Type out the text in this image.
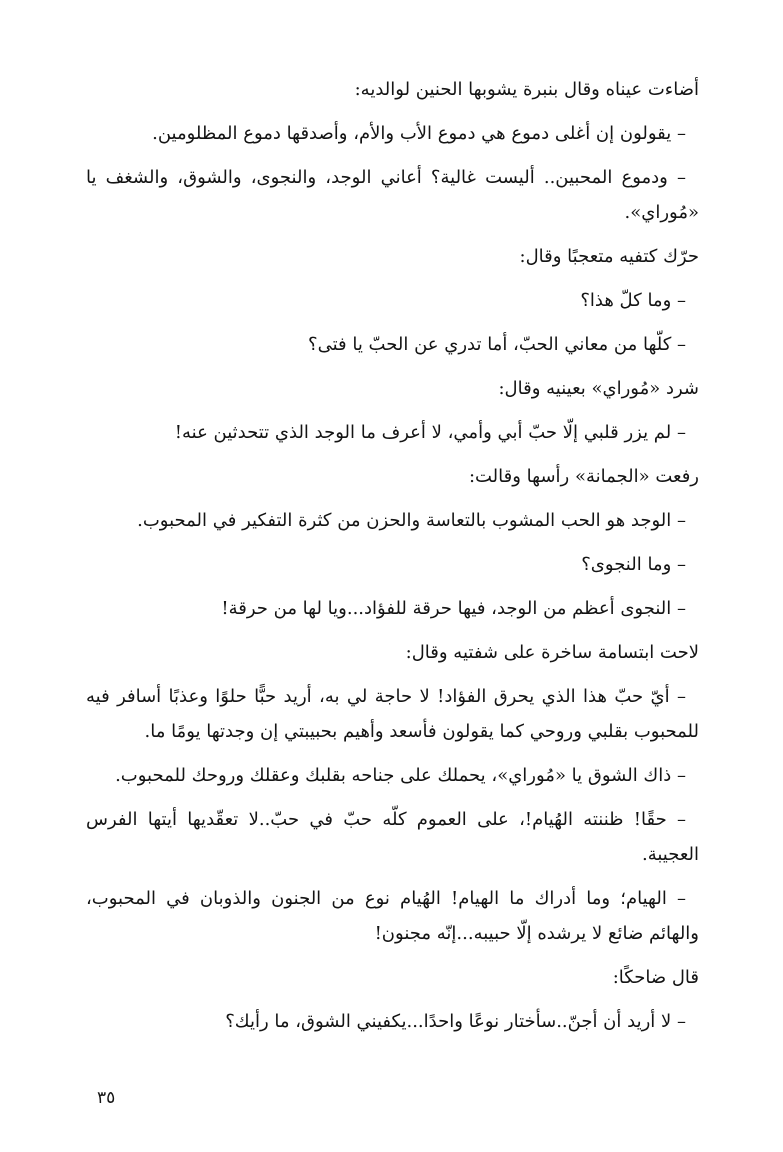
أضاءت عيناه وقال بنبرة يشوبها الحنين لوالديه:
– يقولون إن أغلى دموع هي دموع الأب والأم، وأصدقها دموع المظلومين.
– ودموع المحبين.. أليست غالية؟ أعاني الوجد، والنجوى، والشوق، والشغف يا «مُوراي».
حرّك كتفيه متعجبًا وقال:
– وما كلّ هذا؟
– كلّها من معاني الحبّ، أما تدري عن الحبّ يا فتى؟
شرد «مُوراي» بعينيه وقال:
– لم يزر قلبي إلّا حبّ أبي وأمي، لا أعرف ما الوجد الذي تتحدثين عنه!
رفعت «الجمانة» رأسها وقالت:
– الوجد هو الحب المشوب بالتعاسة والحزن من كثرة التفكير في المحبوب.
– وما النجوى؟
– النجوى أعظم من الوجد، فيها حرقة للفؤاد...ويا لها من حرقة!
لاحت ابتسامة ساخرة على شفتيه وقال:
– أيّ حبّ هذا الذي يحرق الفؤاد! لا حاجة لي به، أريد حبًّا حلوًا وعذبًا أسافر فيه للمحبوب بقلبي وروحي كما يقولون فأسعد وأهيم بحبيبتي إن وجدتها يومًا ما.
– ذاك الشوق يا «مُوراي»، يحملك على جناحه بقلبك وعقلك وروحك للمحبوب.
– حقًا! ظننته الهُيام!، على العموم كلّه حبّ في حبّ..لا تعقّديها أيتها الفرس العجيبة.
– الهيام؛ وما أدراك ما الهيام! الهُيام نوع من الجنون والذوبان في المحبوب، والهائم ضائع لا يرشده إلّا حبيبه...إنّه مجنون!
قال ضاحكًا:
– لا أريد أن أجنّ..سأختار نوعًا واحدًا...يكفيني الشوق، ما رأيك؟
٣٥
